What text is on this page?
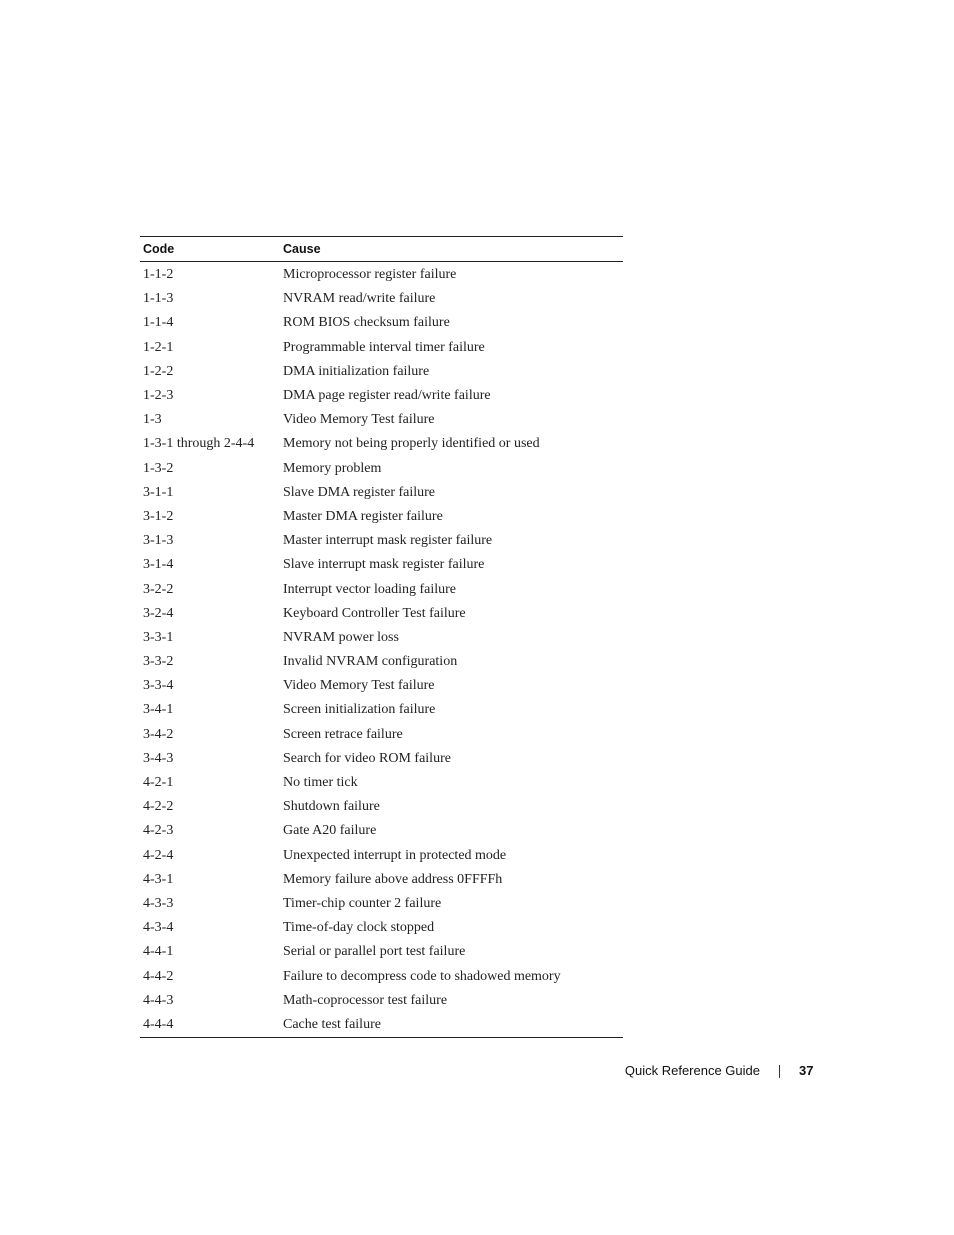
Code	Cause
1-1-2	Microprocessor register failure
1-1-3	NVRAM read/write failure
1-1-4	ROM BIOS checksum failure
1-2-1	Programmable interval timer failure
1-2-2	DMA initialization failure
1-2-3	DMA page register read/write failure
1-3	Video Memory Test failure
1-3-1 through 2-4-4	Memory not being properly identified or used
1-3-2	Memory problem
3-1-1	Slave DMA register failure
3-1-2	Master DMA register failure
3-1-3	Master interrupt mask register failure
3-1-4	Slave interrupt mask register failure
3-2-2	Interrupt vector loading failure
3-2-4	Keyboard Controller Test failure
3-3-1	NVRAM power loss
3-3-2	Invalid NVRAM configuration
3-3-4	Video Memory Test failure
3-4-1	Screen initialization failure
3-4-2	Screen retrace failure
3-4-3	Search for video ROM failure
4-2-1	No timer tick
4-2-2	Shutdown failure
4-2-3	Gate A20 failure
4-2-4	Unexpected interrupt in protected mode
4-3-1	Memory failure above address 0FFFFh
4-3-3	Timer-chip counter 2 failure
4-3-4	Time-of-day clock stopped
4-4-1	Serial or parallel port test failure
4-4-2	Failure to decompress code to shadowed memory
4-4-3	Math-coprocessor test failure
4-4-4	Cache test failure
Quick Reference Guide	37
